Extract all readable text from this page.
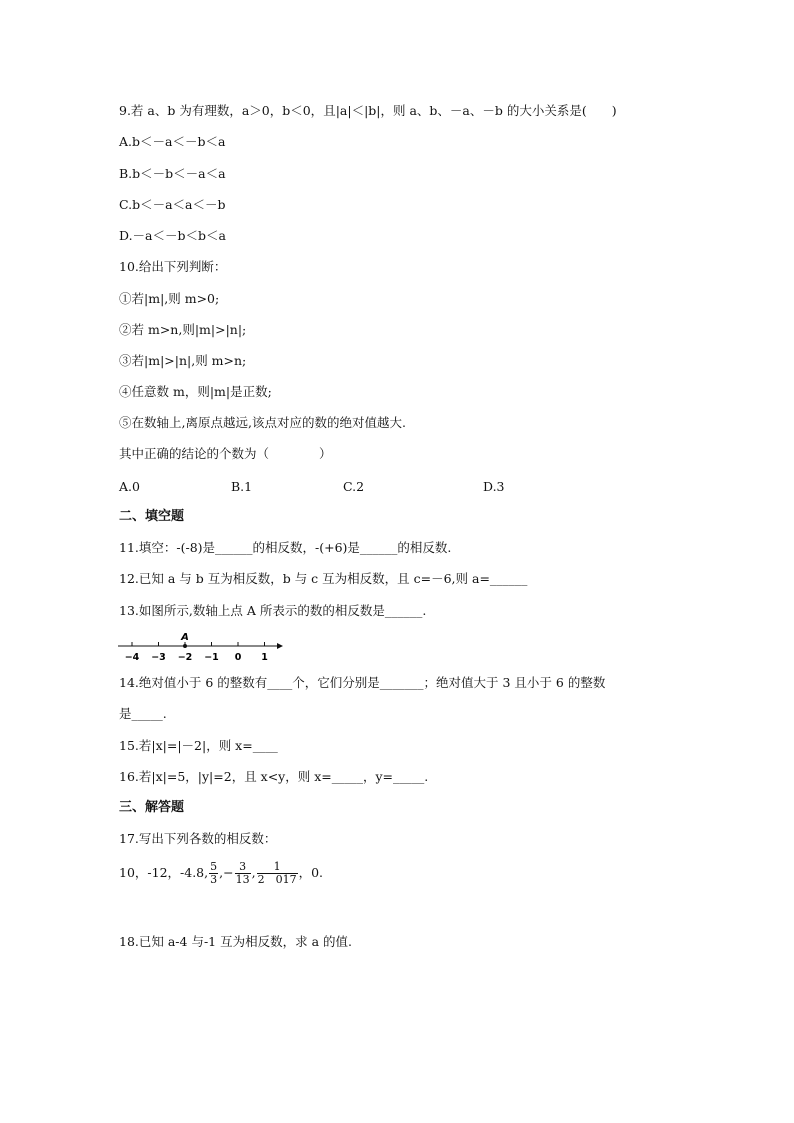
9.若 a、b 为有理数，a＞0，b＜0，且|a|＜|b|，则 a、b、－a、－b 的大小关系是(　　)
A.b＜－a＜－b＜a
B.b＜－b＜－a＜a
C.b＜－a＜a＜－b
D.－a＜－b＜b＜a
10.给出下列判断：
①若|m|,则 m>0;
②若 m>n,则|m|>|n|;
③若|m|>|n|,则 m>n;
④任意数 m，则|m|是正数;
⑤在数轴上,离原点越远,该点对应的数的绝对值越大.
其中正确的结论的个数为（　　　　）
A.0	B.1	C.2	D.3
二、填空题
11.填空：-(-8)是______的相反数，-(+6)是______的相反数.
12.已知 a 与 b 互为相反数，b 与 c 互为相反数，且 c=－6,则 a=______
13.如图所示,数轴上点 A 所表示的数的相反数是______.
A
−4 −3 −2 −1 0 1
14.绝对值小于 6 的整数有____个，它们分别是_______；绝对值大于 3 且小于 6 的整数
是_____.
15.若|x|=|－2|，则 x=____
16.若|x|=5，|y|=2，且 x<y，则 x=_____，y=_____.
三、解答题
17.写出下列各数的相反数：
10，-12，-4.8, $\frac{5}{3}$ ,− $\frac{3}{13}$ , $\frac{1}{2 017}$ ，0.
18.已知 a-4 与-1 互为相反数，求 a 的值.
